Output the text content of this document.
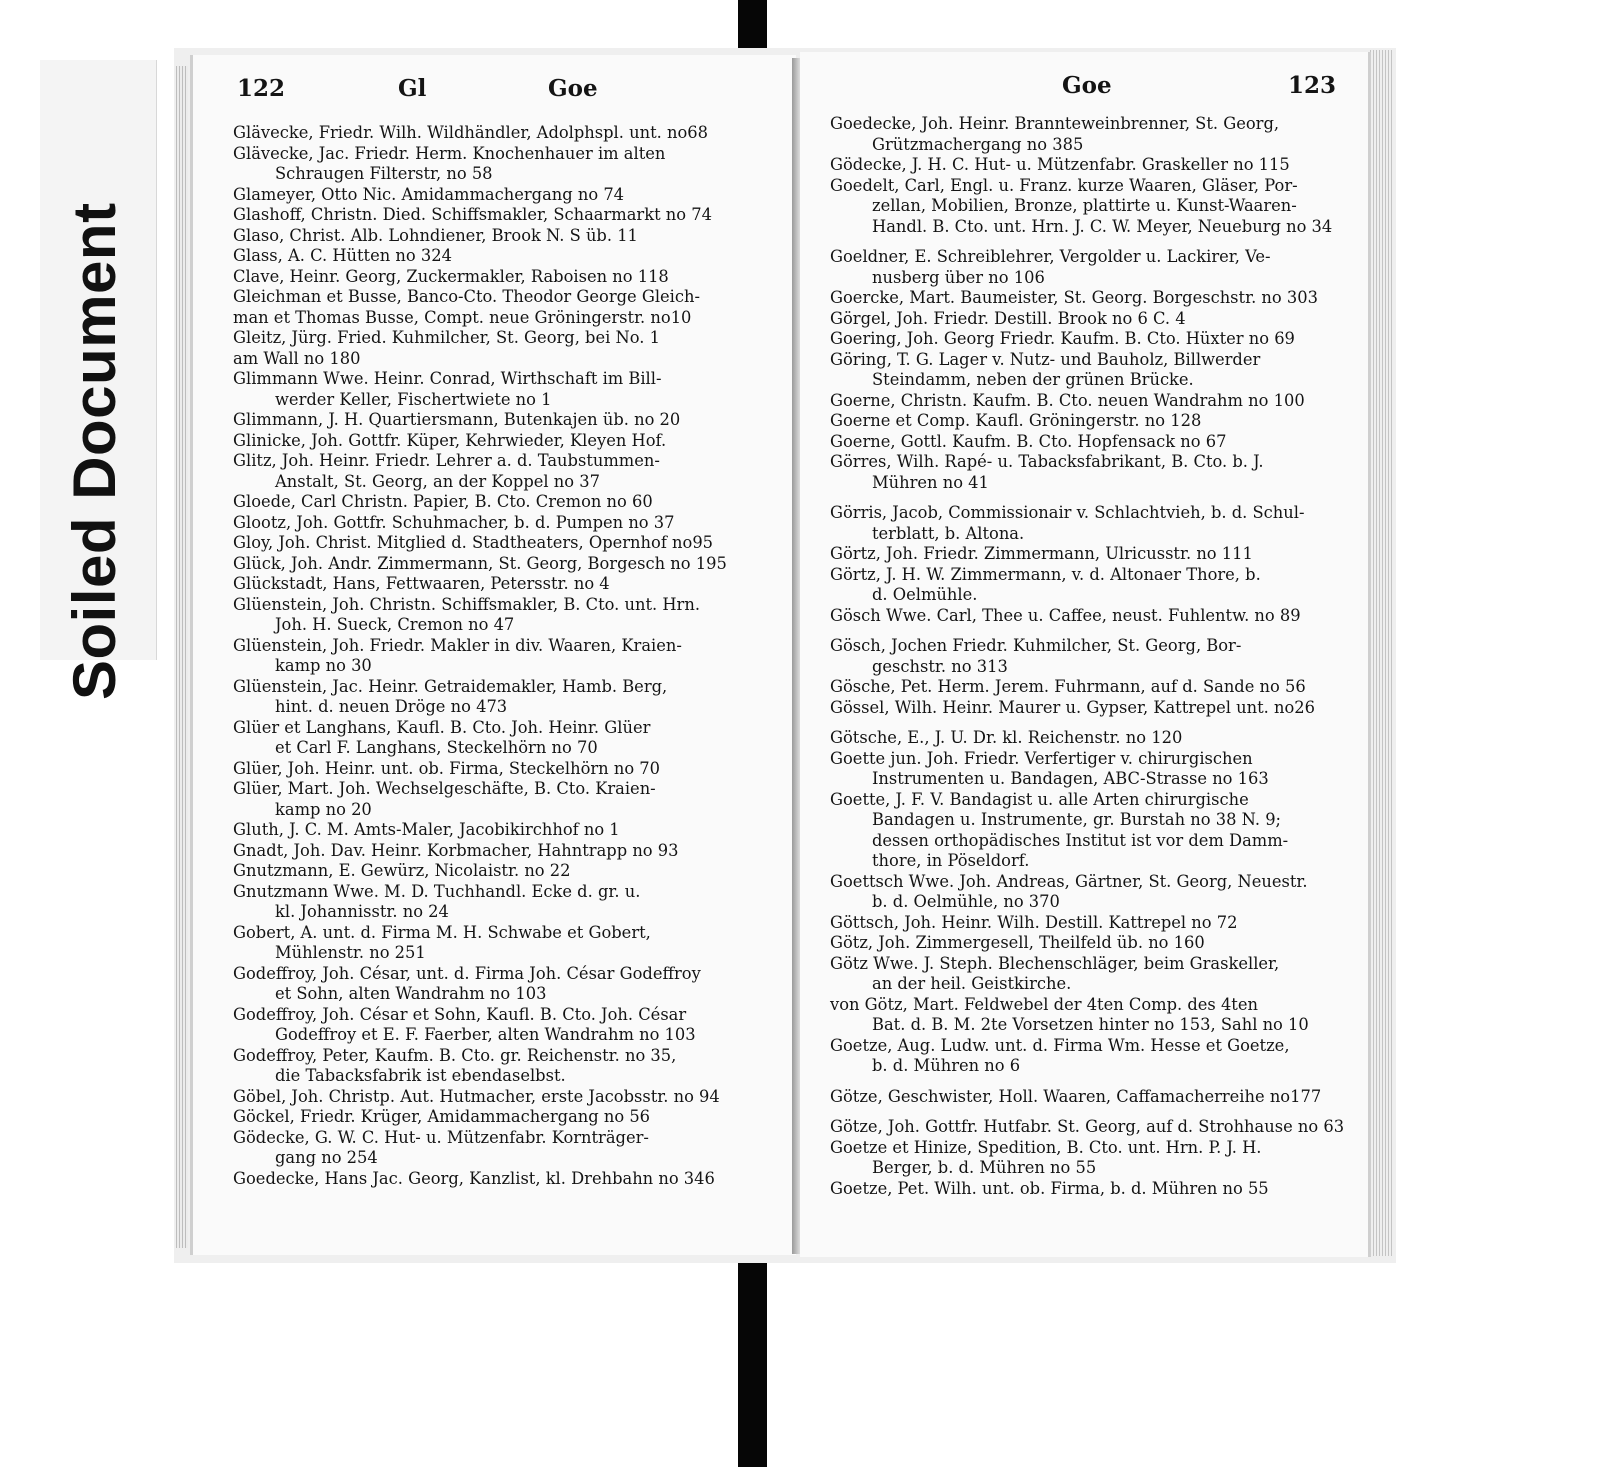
Soiled Document
122	Gl	Goe
Glävecke, Friedr. Wilh. Wildhändler, Adolphspl. unt. no68
Glävecke, Jac. Friedr. Herm. Knochenhauer im alten
Schraugen Filterstr, no 58
Glameyer, Otto Nic. Amidammachergang no 74
Glashoff, Christn. Died. Schiffsmakler, Schaarmarkt no 74
Glaso, Christ. Alb. Lohndiener, Brook N. S üb. 11
Glass, A. C. Hütten no 324
Clave, Heinr. Georg, Zuckermakler, Raboisen no 118
Gleichman et Busse, Banco-Cto. Theodor George Gleich-
man et Thomas Busse, Compt. neue Gröningerstr. no10
Gleitz, Jürg. Fried. Kuhmilcher, St. Georg, bei No. 1
am Wall no 180
Glimmann Wwe. Heinr. Conrad, Wirthschaft im Bill-
werder Keller, Fischertwiete no 1
Glimmann, J. H. Quartiersmann, Butenkajen üb. no 20
Glinicke, Joh. Gottfr. Küper, Kehrwieder, Kleyen Hof.
Glitz, Joh. Heinr. Friedr. Lehrer a. d. Taubstummen-
Anstalt, St. Georg, an der Koppel no 37
Gloede, Carl Christn. Papier, B. Cto. Cremon no 60
Glootz, Joh. Gottfr. Schuhmacher, b. d. Pumpen no 37
Gloy, Joh. Christ. Mitglied d. Stadtheaters, Opernhof no95
Glück, Joh. Andr. Zimmermann, St. Georg, Borgesch no 195
Glückstadt, Hans, Fettwaaren, Petersstr. no 4
Glüenstein, Joh. Christn. Schiffsmakler, B. Cto. unt. Hrn.
Joh. H. Sueck, Cremon no 47
Glüenstein, Joh. Friedr. Makler in div. Waaren, Kraien-
kamp no 30
Glüenstein, Jac. Heinr. Getraidemakler, Hamb. Berg,
hint. d. neuen Dröge no 473
Glüer et Langhans, Kaufl. B. Cto. Joh. Heinr. Glüer
et Carl F. Langhans, Steckelhörn no 70
Glüer, Joh. Heinr. unt. ob. Firma, Steckelhörn no 70
Glüer, Mart. Joh. Wechselgeschäfte, B. Cto. Kraien-
kamp no 20
Gluth, J. C. M. Amts-Maler, Jacobikirchhof no 1
Gnadt, Joh. Dav. Heinr. Korbmacher, Hahntrapp no 93
Gnutzmann, E. Gewürz, Nicolaistr. no 22
Gnutzmann Wwe. M. D. Tuchhandl. Ecke d. gr. u.
kl. Johannisstr. no 24
Gobert, A. unt. d. Firma M. H. Schwabe et Gobert,
Mühlenstr. no 251
Godeffroy, Joh. César, unt. d. Firma Joh. César Godeffroy
et Sohn, alten Wandrahm no 103
Godeffroy, Joh. César et Sohn, Kaufl. B. Cto. Joh. César
Godeffroy et E. F. Faerber, alten Wandrahm no 103
Godeffroy, Peter, Kaufm. B. Cto. gr. Reichenstr. no 35,
die Tabacksfabrik ist ebendaselbst.
Göbel, Joh. Christp. Aut. Hutmacher, erste Jacobsstr. no 94
Göckel, Friedr. Krüger, Amidammachergang no 56
Gödecke, G. W. C. Hut- u. Mützenfabr. Kornträger-
gang no 254
Goedecke, Hans Jac. Georg, Kanzlist, kl. Drehbahn no 346
Goe	123
Goedecke, Joh. Heinr. Brannteweinbrenner, St. Georg,
Grützmachergang no 385
Gödecke, J. H. C. Hut- u. Mützenfabr. Graskeller no 115
Goedelt, Carl, Engl. u. Franz. kurze Waaren, Gläser, Por-
zellan, Mobilien, Bronze, plattirte u. Kunst-Waaren-
Handl. B. Cto. unt. Hrn. J. C. W. Meyer, Neueburg no 34
Goeldner, E. Schreiblehrer, Vergolder u. Lackirer, Ve-
nusberg über no 106
Goercke, Mart. Baumeister, St. Georg. Borgeschstr. no 303
Görgel, Joh. Friedr. Destill. Brook no 6 C. 4
Goering, Joh. Georg Friedr. Kaufm. B. Cto. Hüxter no 69
Göring, T. G. Lager v. Nutz- und Bauholz, Billwerder
Steindamm, neben der grünen Brücke.
Goerne, Christn. Kaufm. B. Cto. neuen Wandrahm no 100
Goerne et Comp. Kaufl. Gröningerstr. no 128
Goerne, Gottl. Kaufm. B. Cto. Hopfensack no 67
Görres, Wilh. Rapé- u. Tabacksfabrikant, B. Cto. b. J.
Mühren no 41
Görris, Jacob, Commissionair v. Schlachtvieh, b. d. Schul-
terblatt, b. Altona.
Görtz, Joh. Friedr. Zimmermann, Ulricusstr. no 111
Görtz, J. H. W. Zimmermann, v. d. Altonaer Thore, b.
d. Oelmühle.
Gösch Wwe. Carl, Thee u. Caffee, neust. Fuhlentw. no 89
Gösch, Jochen Friedr. Kuhmilcher, St. Georg, Bor-
geschstr. no 313
Gösche, Pet. Herm. Jerem. Fuhrmann, auf d. Sande no 56
Gössel, Wilh. Heinr. Maurer u. Gypser, Kattrepel unt. no26
Götsche, E., J. U. Dr. kl. Reichenstr. no 120
Goette jun. Joh. Friedr. Verfertiger v. chirurgischen
Instrumenten u. Bandagen, ABC-Strasse no 163
Goette, J. F. V. Bandagist u. alle Arten chirurgische
Bandagen u. Instrumente, gr. Burstah no 38 N. 9;
dessen orthopädisches Institut ist vor dem Damm-
thore, in Pöseldorf.
Goettsch Wwe. Joh. Andreas, Gärtner, St. Georg, Neuestr.
b. d. Oelmühle, no 370
Göttsch, Joh. Heinr. Wilh. Destill. Kattrepel no 72
Götz, Joh. Zimmergesell, Theilfeld üb. no 160
Götz Wwe. J. Steph. Blechenschläger, beim Graskeller,
an der heil. Geistkirche.
von Götz, Mart. Feldwebel der 4ten Comp. des 4ten
Bat. d. B. M. 2te Vorsetzen hinter no 153, Sahl no 10
Goetze, Aug. Ludw. unt. d. Firma Wm. Hesse et Goetze,
b. d. Mühren no 6
Götze, Geschwister, Holl. Waaren, Caffamacherreihe no177
Götze, Joh. Gottfr. Hutfabr. St. Georg, auf d. Strohhause no 63
Goetze et Hinize, Spedition, B. Cto. unt. Hrn. P. J. H.
Berger, b. d. Mühren no 55
Goetze, Pet. Wilh. unt. ob. Firma, b. d. Mühren no 55
